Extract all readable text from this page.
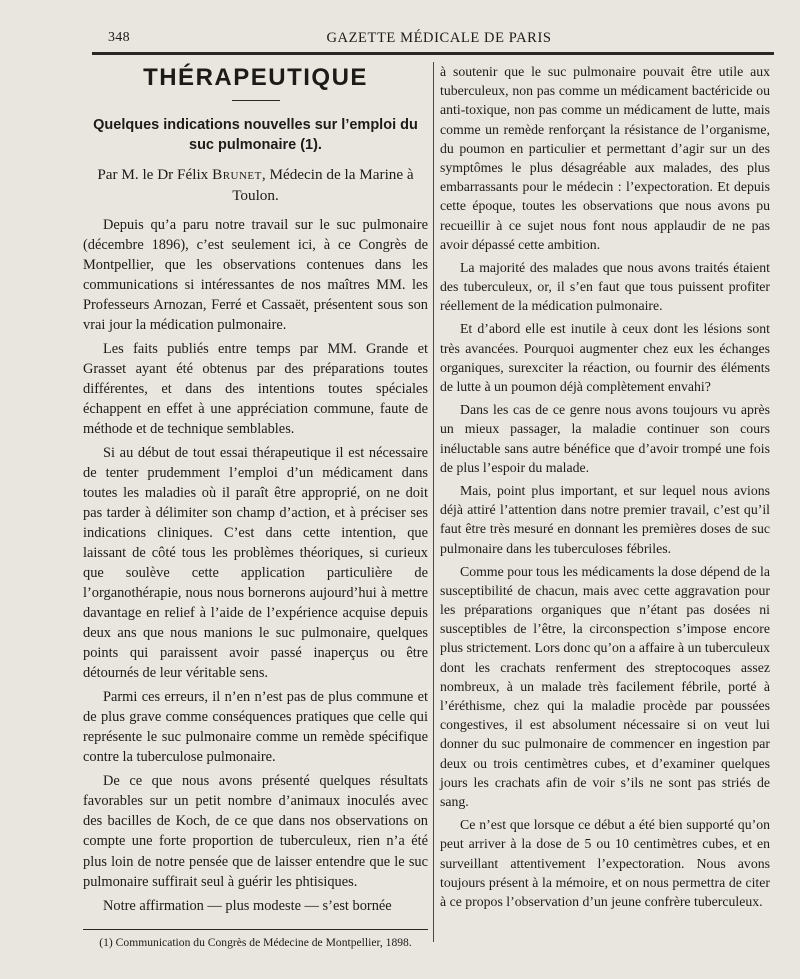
348	GAZETTE MÉDICALE DE PARIS
THÉRAPEUTIQUE
Quelques indications nouvelles sur l’emploi du suc pulmonaire (1).
Par M. le Dr Félix Brunet, Médecin de la Marine à Toulon.

Depuis qu’a paru notre travail sur le suc pulmonaire (décembre 1896), c’est seulement ici, à ce Congrès de Montpellier, que les observations contenues dans les communications si intéressantes de nos maîtres MM. les Professeurs Arnozan, Ferré et Cassaët, présentent sous son vrai jour la médication pulmonaire.

Les faits publiés entre temps par MM. Grande et Grasset ayant été obtenus par des préparations toutes différentes, et dans des intentions toutes spéciales échappent en effet à une appréciation commune, faute de méthode et de technique semblables.

Si au début de tout essai thérapeutique il est nécessaire de tenter prudemment l’emploi d’un médicament dans toutes les maladies où il paraît être approprié, on ne doit pas tarder à délimiter son champ d’action, et à préciser ses indications cliniques. C’est dans cette intention, que laissant de côté tous les problèmes théoriques, si curieux que soulève cette application particulière de l’organothérapie, nous nous bornerons aujourd’hui à mettre davantage en relief à l’aide de l’expérience acquise depuis deux ans que nous manions le suc pulmonaire, quelques points qui paraissent avoir passé inaperçus ou être détournés de leur véritable sens.

Parmi ces erreurs, il n’en n’est pas de plus commune et de plus grave comme conséquences pratiques que celle qui représente le suc pulmonaire comme un remède spécifique contre la tuberculose pulmonaire.

De ce que nous avons présenté quelques résultats favorables sur un petit nombre d’animaux inoculés avec des bacilles de Koch, de ce que dans nos observations on compte une forte proportion de tuberculeux, rien n’a été plus loin de notre pensée que de laisser entendre que le suc pulmonaire suffirait seul à guérir les phtisiques.

Notre affirmation — plus modeste — s’est bornée

à soutenir que le suc pulmonaire pouvait être utile aux tuberculeux, non pas comme un médicament bactéricide ou anti-toxique, non pas comme un médicament de lutte, mais comme un remède renforçant la résistance de l’organisme, du poumon en particulier et permettant d’agir sur un des symptômes le plus désagréable aux malades, des plus embarrassants pour le médecin : l’expectoration. Et depuis cette époque, toutes les observations que nous avons pu recueillir à ce sujet nous font nous applaudir de ne pas avoir dépassé cette ambition.

La majorité des malades que nous avons traités étaient des tuberculeux, or, il s’en faut que tous puissent profiter réellement de la médication pulmonaire.

Et d’abord elle est inutile à ceux dont les lésions sont très avancées. Pourquoi augmenter chez eux les échanges organiques, surexciter la réaction, ou fournir des éléments de lutte à un poumon déjà complètement envahi?

Dans les cas de ce genre nous avons toujours vu après un mieux passager, la maladie continuer son cours inéluctable sans autre bénéfice que d’avoir trompé une fois de plus l’espoir du malade.

Mais, point plus important, et sur lequel nous avions déjà attiré l’attention dans notre premier travail, c’est qu’il faut être très mesuré en donnant les premières doses de suc pulmonaire dans les tuberculoses fébriles.

Comme pour tous les médicaments la dose dépend de la susceptibilité de chacun, mais avec cette aggravation pour les préparations organiques que n’étant pas dosées ni susceptibles de l’être, la circonspection s’impose encore plus strictement. Lors donc qu’on a affaire à un tuberculeux dont les crachats renferment des streptocoques assez nombreux, à un malade très facilement fébrile, porté à l’éréthisme, chez qui la maladie procède par poussées congestives, il est absolument nécessaire si on veut lui donner du suc pulmonaire de commencer en ingestion par deux ou trois centimètres cubes, et d’examiner quelques jours les crachats afin de voir s’ils ne sont pas striés de sang.

Ce n’est que lorsque ce début a été bien supporté qu’on peut arriver à la dose de 5 ou 10 centimètres cubes, et en surveillant attentivement l’expectoration. Nous avons toujours présent à la mémoire, et on nous permettra de citer à ce propos l’observation d’un jeune confrère tuberculeux.

(1) Communication du Congrès de Médecine de Montpellier, 1898.
